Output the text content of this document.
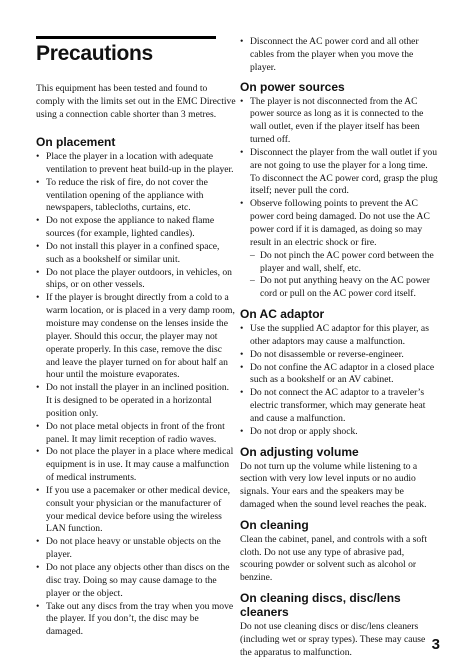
Precautions

This equipment has been tested and found to comply with the limits set out in the EMC Directive using a connection cable shorter than 3 metres.

On placement
• Place the player in a location with adequate ventilation to prevent heat build-up in the player.
• To reduce the risk of fire, do not cover the ventilation opening of the appliance with newspapers, tablecloths, curtains, etc.
• Do not expose the appliance to naked flame sources (for example, lighted candles).
• Do not install this player in a confined space, such as a bookshelf or similar unit.
• Do not place the player outdoors, in vehicles, on ships, or on other vessels.
• If the player is brought directly from a cold to a warm location, or is placed in a very damp room, moisture may condense on the lenses inside the player. Should this occur, the player may not operate properly. In this case, remove the disc and leave the player turned on for about half an hour until the moisture evaporates.
• Do not install the player in an inclined position. It is designed to be operated in a horizontal position only.
• Do not place metal objects in front of the front panel. It may limit reception of radio waves.
• Do not place the player in a place where medical equipment is in use. It may cause a malfunction of medical instruments.
• If you use a pacemaker or other medical device, consult your physician or the manufacturer of your medical device before using the wireless LAN function.
• Do not place heavy or unstable objects on the player.
• Do not place any objects other than discs on the disc tray. Doing so may cause damage to the player or the object.
• Take out any discs from the tray when you move the player. If you don’t, the disc may be damaged.
• Disconnect the AC power cord and all other cables from the player when you move the player.
On power sources
• The player is not disconnected from the AC power source as long as it is connected to the wall outlet, even if the player itself has been turned off.
• Disconnect the player from the wall outlet if you are not going to use the player for a long time. To disconnect the AC power cord, grasp the plug itself; never pull the cord.
• Observe following points to prevent the AC power cord being damaged. Do not use the AC power cord if it is damaged, as doing so may result in an electric shock or fire.
– Do not pinch the AC power cord between the player and wall, shelf, etc.
– Do not put anything heavy on the AC power cord or pull on the AC power cord itself.
On AC adaptor
• Use the supplied AC adaptor for this player, as other adaptors may cause a malfunction.
• Do not disassemble or reverse-engineer.
• Do not confine the AC adaptor in a closed place such as a bookshelf or an AV cabinet.
• Do not connect the AC adaptor to a traveler’s electric transformer, which may generate heat and cause a malfunction.
• Do not drop or apply shock.
On adjusting volume

Do not turn up the volume while listening to a section with very low level inputs or no audio signals. Your ears and the speakers may be damaged when the sound level reaches the peak.

On cleaning

Clean the cabinet, panel, and controls with a soft cloth. Do not use any type of abrasive pad, scouring powder or solvent such as alcohol or benzine.

On cleaning discs, disc/lens cleaners

Do not use cleaning discs or disc/lens cleaners (including wet or spray types). These may cause the apparatus to malfunction.	3
